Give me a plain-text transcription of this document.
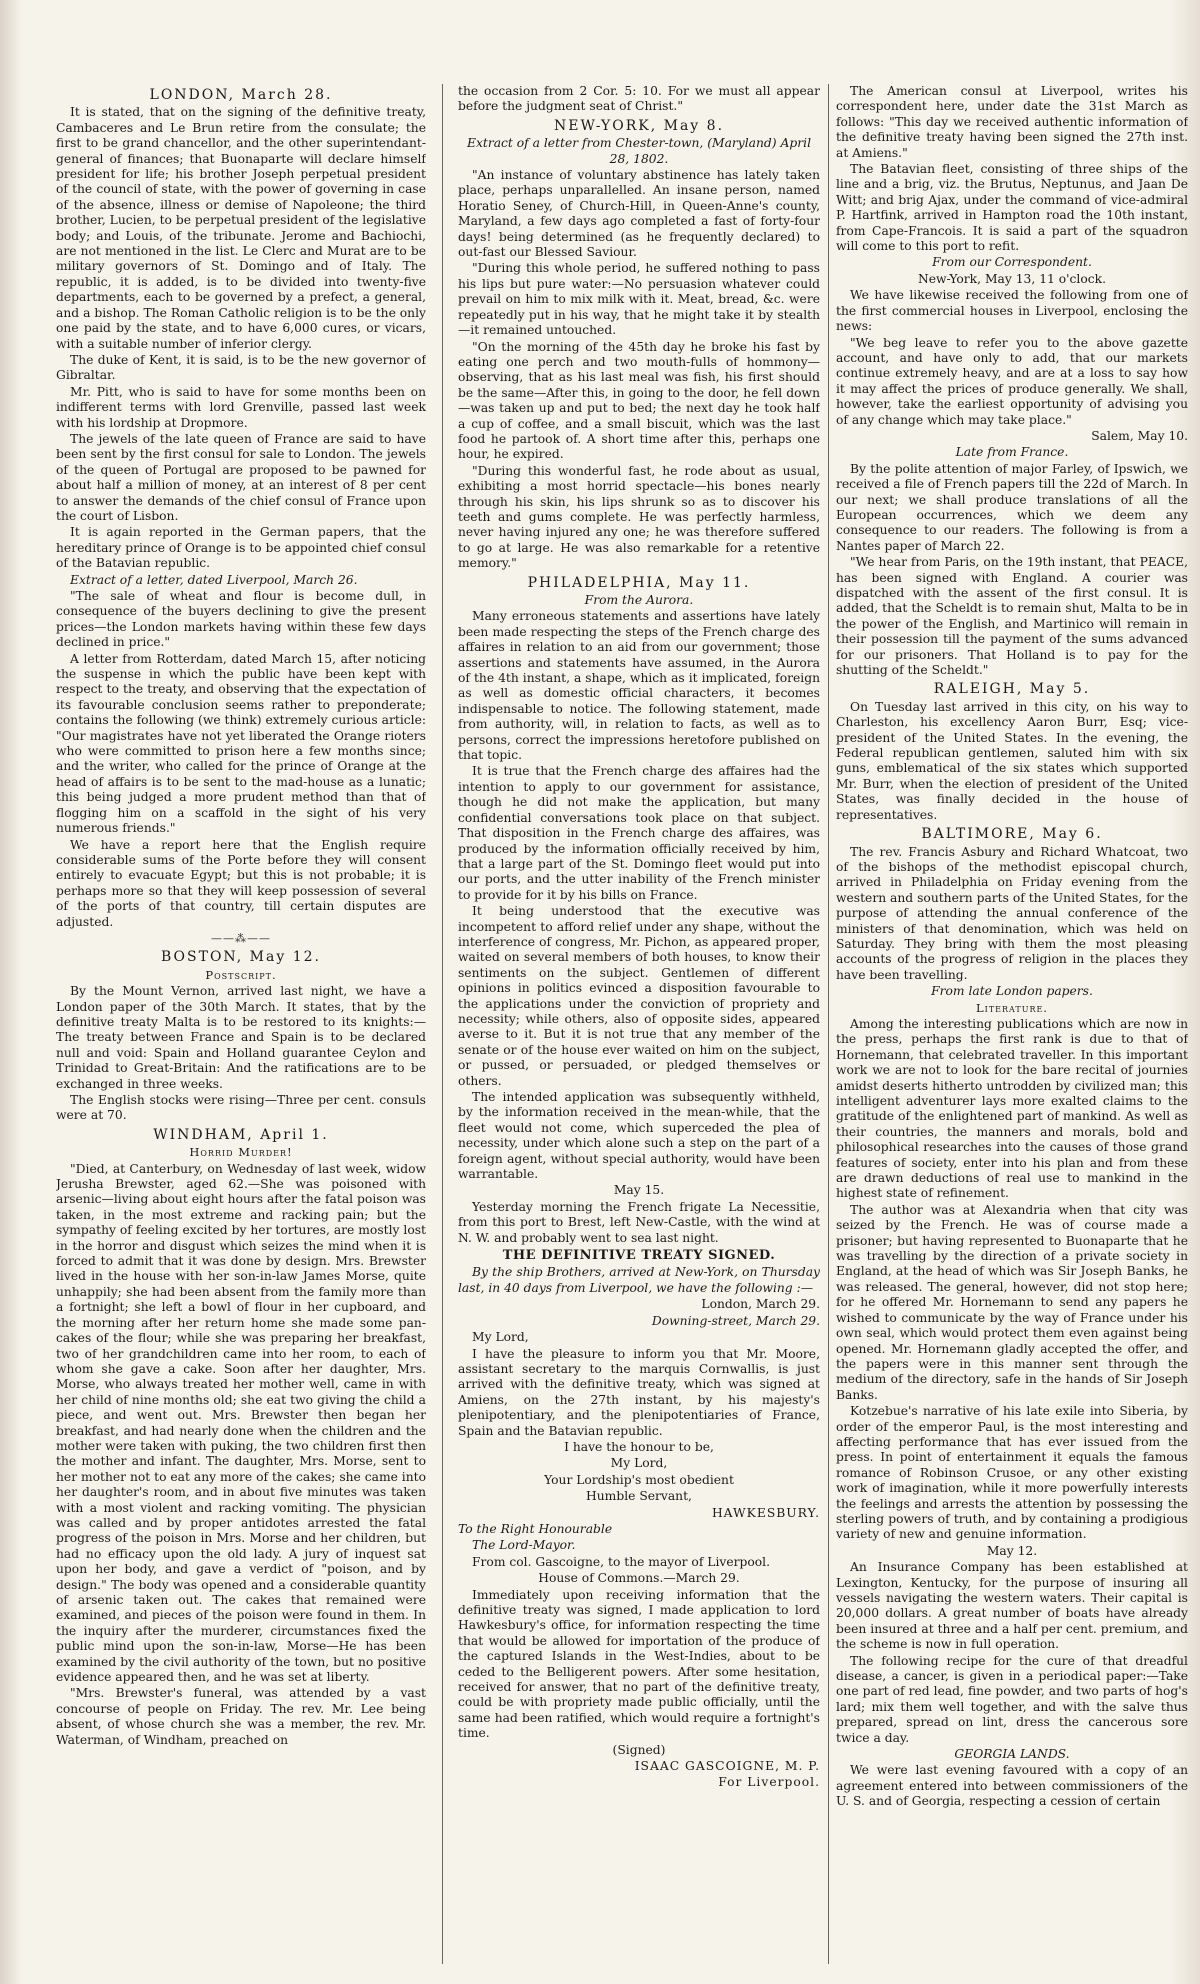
LONDON, March 28.

It is stated, that on the signing of the definitive treaty, Cambaceres and Le Brun retire from the consulate; the first to be grand chancellor, and the other superintendant-general of finances; that Buonaparte will declare himself president for life; his brother Joseph perpetual president of the council of state, with the power of governing in case of the absence, illness or demise of Napoleone; the third brother, Lucien, to be perpetual president of the legislative body; and Louis, of the tribunate. Jerome and Bachiochi, are not mentioned in the list. Le Clerc and Murat are to be military governors of St. Domingo and of Italy. The republic, it is added, is to be divided into twenty-five departments, each to be governed by a prefect, a general, and a bishop. The Roman Catholic religion is to be the only one paid by the state, and to have 6,000 cures, or vicars, with a suitable number of inferior clergy.

The duke of Kent, it is said, is to be the new governor of Gibraltar.

Mr. Pitt, who is said to have for some months been on indifferent terms with lord Grenville, passed last week with his lordship at Dropmore.

The jewels of the late queen of France are said to have been sent by the first consul for sale to London. The jewels of the queen of Portugal are proposed to be pawned for about half a million of money, at an interest of 8 per cent to answer the demands of the chief consul of France upon the court of Lisbon.

It is again reported in the German papers, that the hereditary prince of Orange is to be appointed chief consul of the Batavian republic.

Extract of a letter, dated Liverpool, March 26.

"The sale of wheat and flour is become dull, in consequence of the buyers declining to give the present prices—the London markets having within these few days declined in price."

A letter from Rotterdam, dated March 15, after noticing the suspense in which the public have been kept with respect to the treaty, and observing that the expectation of its favourable conclusion seems rather to preponderate; contains the following (we think) extremely curious article: "Our magistrates have not yet liberated the Orange rioters who were committed to prison here a few months since; and the writer, who called for the prince of Orange at the head of affairs is to be sent to the mad-house as a lunatic; this being judged a more prudent method than that of flogging him on a scaffold in the sight of his very numerous friends."

We have a report here that the English require considerable sums of the Porte before they will consent entirely to evacuate Egypt; but this is not probable; it is perhaps more so that they will keep possession of several of the ports of that country, till certain disputes are adjusted.

——⁂——
BOSTON, May 12.
Postscript.

By the Mount Vernon, arrived last night, we have a London paper of the 30th March. It states, that by the definitive treaty Malta is to be restored to its knights:—The treaty between France and Spain is to be declared null and void: Spain and Holland guarantee Ceylon and Trinidad to Great-Britain: And the ratifications are to be exchanged in three weeks.

The English stocks were rising—Three per cent. consuls were at 70.

WINDHAM, April 1.
Horrid Murder!

"Died, at Canterbury, on Wednesday of last week, widow Jerusha Brewster, aged 62.—She was poisoned with arsenic—living about eight hours after the fatal poison was taken, in the most extreme and racking pain; but the sympathy of feeling excited by her tortures, are mostly lost in the horror and disgust which seizes the mind when it is forced to admit that it was done by design. Mrs. Brewster lived in the house with her son-in-law James Morse, quite unhappily; she had been absent from the family more than a fortnight; she left a bowl of flour in her cupboard, and the morning after her return home she made some pan-cakes of the flour; while she was preparing her breakfast, two of her grandchildren came into her room, to each of whom she gave a cake. Soon after her daughter, Mrs. Morse, who always treated her mother well, came in with her child of nine months old; she eat two giving the child a piece, and went out. Mrs. Brewster then began her breakfast, and had nearly done when the children and the mother were taken with puking, the two children first then the mother and infant. The daughter, Mrs. Morse, sent to her mother not to eat any more of the cakes; she came into her daughter's room, and in about five minutes was taken with a most violent and racking vomiting. The physician was called and by proper antidotes arrested the fatal progress of the poison in Mrs. Morse and her children, but had no efficacy upon the old lady. A jury of inquest sat upon her body, and gave a verdict of "poison, and by design." The body was opened and a considerable quantity of arsenic taken out. The cakes that remained were examined, and pieces of the poison were found in them. In the inquiry after the murderer, circumstances fixed the public mind upon the son-in-law, Morse—He has been examined by the civil authority of the town, but no positive evidence appeared then, and he was set at liberty.

"Mrs. Brewster's funeral, was attended by a vast concourse of people on Friday. The rev. Mr. Lee being absent, of whose church she was a member, the rev. Mr. Waterman, of Windham, preached on

the occasion from 2 Cor. 5: 10. For we must all appear before the judgment seat of Christ."

NEW-YORK, May 8.

Extract of a letter from Chester-town, (Maryland) April 28, 1802.

"An instance of voluntary abstinence has lately taken place, perhaps unparallelled. An insane person, named Horatio Seney, of Church-Hill, in Queen-Anne's county, Maryland, a few days ago completed a fast of forty-four days! being determined (as he frequently declared) to out-fast our Blessed Saviour.

"During this whole period, he suffered nothing to pass his lips but pure water:—No persuasion whatever could prevail on him to mix milk with it. Meat, bread, &c. were repeatedly put in his way, that he might take it by stealth—it remained untouched.

"On the morning of the 45th day he broke his fast by eating one perch and two mouth-fulls of hommony—observing, that as his last meal was fish, his first should be the same—After this, in going to the door, he fell down—was taken up and put to bed; the next day he took half a cup of coffee, and a small biscuit, which was the last food he partook of. A short time after this, perhaps one hour, he expired.

"During this wonderful fast, he rode about as usual, exhibiting a most horrid spectacle—his bones nearly through his skin, his lips shrunk so as to discover his teeth and gums complete. He was perfectly harmless, never having injured any one; he was therefore suffered to go at large. He was also remarkable for a retentive memory."

PHILADELPHIA, May 11.

From the Aurora.

Many erroneous statements and assertions have lately been made respecting the steps of the French charge des affaires in relation to an aid from our government; those assertions and statements have assumed, in the Aurora of the 4th instant, a shape, which as it implicated, foreign as well as domestic official characters, it becomes indispensable to notice. The following statement, made from authority, will, in relation to facts, as well as to persons, correct the impressions heretofore published on that topic.

It is true that the French charge des affaires had the intention to apply to our government for assistance, though he did not make the application, but many confidential conversations took place on that subject. That disposition in the French charge des affaires, was produced by the information officially received by him, that a large part of the St. Domingo fleet would put into our ports, and the utter inability of the French minister to provide for it by his bills on France.

It being understood that the executive was incompetent to afford relief under any shape, without the interference of congress, Mr. Pichon, as appeared proper, waited on several members of both houses, to know their sentiments on the subject. Gentlemen of different opinions in politics evinced a disposition favourable to the applications under the conviction of propriety and necessity; while others, also of opposite sides, appeared averse to it. But it is not true that any member of the senate or of the house ever waited on him on the subject, or pussed, or persuaded, or pledged themselves or others.

The intended application was subsequently withheld, by the information received in the mean-while, that the fleet would not come, which superceded the plea of necessity, under which alone such a step on the part of a foreign agent, without special authority, would have been warrantable.

May 15.

Yesterday morning the French frigate La Necessitie, from this port to Brest, left New-Castle, with the wind at N. W. and probably went to sea last night.

THE DEFINITIVE TREATY SIGNED.

By the ship Brothers, arrived at New-York, on Thursday last, in 40 days from Liverpool, we have the following :—

London, March 29.

Downing-street, March 29.

My Lord,

I have the pleasure to inform you that Mr. Moore, assistant secretary to the marquis Cornwallis, is just arrived with the definitive treaty, which was signed at Amiens, on the 27th instant, by his majesty's plenipotentiary, and the plenipotentiaries of France, Spain and the Batavian republic.

I have the honour to be,

My Lord,

Your Lordship's most obedient

Humble Servant,

HAWKESBURY.

To the Right Honourable

The Lord-Mayor.

From col. Gascoigne, to the mayor of Liverpool.

House of Commons.—March 29.

Immediately upon receiving information that the definitive treaty was signed, I made application to lord Hawkesbury's office, for information respecting the time that would be allowed for importation of the produce of the captured Islands in the West-Indies, about to be ceded to the Belligerent powers. After some hesitation, received for answer, that no part of the definitive treaty, could be with propriety made public officially, until the same had been ratified, which would require a fortnight's time.

(Signed)

ISAAC GASCOIGNE, M. P.

For Liverpool.

The American consul at Liverpool, writes his correspondent here, under date the 31st March as follows: "This day we received authentic information of the definitive treaty having been signed the 27th inst. at Amiens."

The Batavian fleet, consisting of three ships of the line and a brig, viz. the Brutus, Neptunus, and Jaan De Witt; and brig Ajax, under the command of vice-admiral P. Hartfink, arrived in Hampton road the 10th instant, from Cape-Francois. It is said a part of the squadron will come to this port to refit.

From our Correspondent.

New-York, May 13, 11 o'clock.

We have likewise received the following from one of the first commercial houses in Liverpool, enclosing the news:

"We beg leave to refer you to the above gazette account, and have only to add, that our markets continue extremely heavy, and are at a loss to say how it may affect the prices of produce generally. We shall, however, take the earliest opportunity of advising you of any change which may take place."

Salem, May 10.

Late from France.

By the polite attention of major Farley, of Ipswich, we received a file of French papers till the 22d of March. In our next; we shall produce translations of all the European occurrences, which we deem any consequence to our readers. The following is from a Nantes paper of March 22.

"We hear from Paris, on the 19th instant, that PEACE, has been signed with England. A courier was dispatched with the assent of the first consul. It is added, that the Scheldt is to remain shut, Malta to be in the power of the English, and Martinico will remain in their possession till the payment of the sums advanced for our prisoners. That Holland is to pay for the shutting of the Scheldt."

RALEIGH, May 5.

On Tuesday last arrived in this city, on his way to Charleston, his excellency Aaron Burr, Esq; vice-president of the United States. In the evening, the Federal republican gentlemen, saluted him with six guns, emblematical of the six states which supported Mr. Burr, when the election of president of the United States, was finally decided in the house of representatives.

BALTIMORE, May 6.

The rev. Francis Asbury and Richard Whatcoat, two of the bishops of the methodist episcopal church, arrived in Philadelphia on Friday evening from the western and southern parts of the United States, for the purpose of attending the annual conference of the ministers of that denomination, which was held on Saturday. They bring with them the most pleasing accounts of the progress of religion in the places they have been travelling.

From late London papers.

Literature.

Among the interesting publications which are now in the press, perhaps the first rank is due to that of Hornemann, that celebrated traveller. In this important work we are not to look for the bare recital of journies amidst deserts hitherto untrodden by civilized man; this intelligent adventurer lays more exalted claims to the gratitude of the enlightened part of mankind. As well as their countries, the manners and morals, bold and philosophical researches into the causes of those grand features of society, enter into his plan and from these are drawn deductions of real use to mankind in the highest state of refinement.

The author was at Alexandria when that city was seized by the French. He was of course made a prisoner; but having represented to Buonaparte that he was travelling by the direction of a private society in England, at the head of which was Sir Joseph Banks, he was released. The general, however, did not stop here; for he offered Mr. Hornemann to send any papers he wished to communicate by the way of France under his own seal, which would protect them even against being opened. Mr. Hornemann gladly accepted the offer, and the papers were in this manner sent through the medium of the directory, safe in the hands of Sir Joseph Banks.

Kotzebue's narrative of his late exile into Siberia, by order of the emperor Paul, is the most interesting and affecting performance that has ever issued from the press. In point of entertainment it equals the famous romance of Robinson Crusoe, or any other existing work of imagination, while it more powerfully interests the feelings and arrests the attention by possessing the sterling powers of truth, and by containing a prodigious variety of new and genuine information.

May 12.

An Insurance Company has been established at Lexington, Kentucky, for the purpose of insuring all vessels navigating the western waters. Their capital is 20,000 dollars. A great number of boats have already been insured at three and a half per cent. premium, and the scheme is now in full operation.

The following recipe for the cure of that dreadful disease, a cancer, is given in a periodical paper:—Take one part of red lead, fine powder, and two parts of hog's lard; mix them well together, and with the salve thus prepared, spread on lint, dress the cancerous sore twice a day.

GEORGIA LANDS.

We were last evening favoured with a copy of an agreement entered into between commissioners of the U. S. and of Georgia, respecting a cession of certain
